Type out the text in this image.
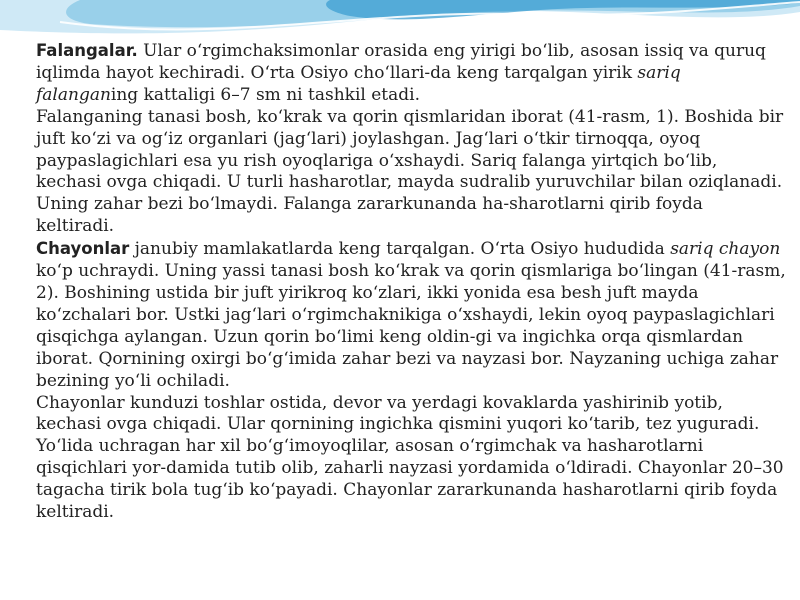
Falangalar. Ular o‘rgimchaksimonlar orasida eng yirigi bo‘lib, asosan issiq va quruq iqlimda hayot kechiradi. O‘rta Osiyo cho‘llari-da keng tarqalgan yirik sariq falanganing kattaligi 6–7 sm ni tashkil etadi.

Falanganing tanasi bosh, ko‘krak va qorin qismlaridan iborat (41-rasm, 1). Boshida bir juft ko‘zi va og‘iz organlari (jag‘lari) joylashgan. Jag‘lari o‘tkir tirnoqqa, oyoq paypaslagichlari esa yu rish oyoqlariga o‘xshaydi. Sariq falanga yirtqich bo‘lib, kechasi ovga chiqadi. U turli hasharotlar, mayda sudralib yuruvchilar bilan oziqlanadi. Uning zahar bezi bo‘lmaydi. Falanga zararkunanda ha-sharotlarni qirib foyda keltiradi.

Chayonlar janubiy mamlakatlarda keng tarqalgan. O‘rta Osiyo hududida sariq chayon ko‘p uchraydi. Uning yassi tanasi bosh ko‘krak va qorin qismlariga bo‘lingan (41-rasm, 2). Boshining ustida bir juft yirikroq ko‘zlari, ikki yonida esa besh juft mayda ko‘zchalari bor. Ustki jag‘lari o‘rgimchaknikiga o‘xshaydi, lekin oyoq paypaslagichlari qisqichga aylangan. Uzun qorin bo‘limi keng oldin-gi va ingichka orqa qismlardan iborat. Qornining oxirgi bo‘g‘imida zahar bezi va nayzasi bor. Nayzaning uchiga zahar bezining yo‘li ochiladi.

Chayonlar kunduzi toshlar ostida, devor va yerdagi kovaklarda yashirinib yotib, kechasi ovga chiqadi. Ular qornining ingichka qismini yuqori ko‘tarib, tez yuguradi. Yo‘lida uchragan har xil bo‘g‘imoyoqlilar, asosan o‘rgimchak va hasharotlarni qisqichlari yor-damida tutib olib, zaharli nayzasi yordamida o‘ldiradi. Chayonlar 20–30 tagacha tirik bola tug‘ib ko‘payadi. Chayonlar zararkunanda hasharotlarni qirib foyda keltiradi.
